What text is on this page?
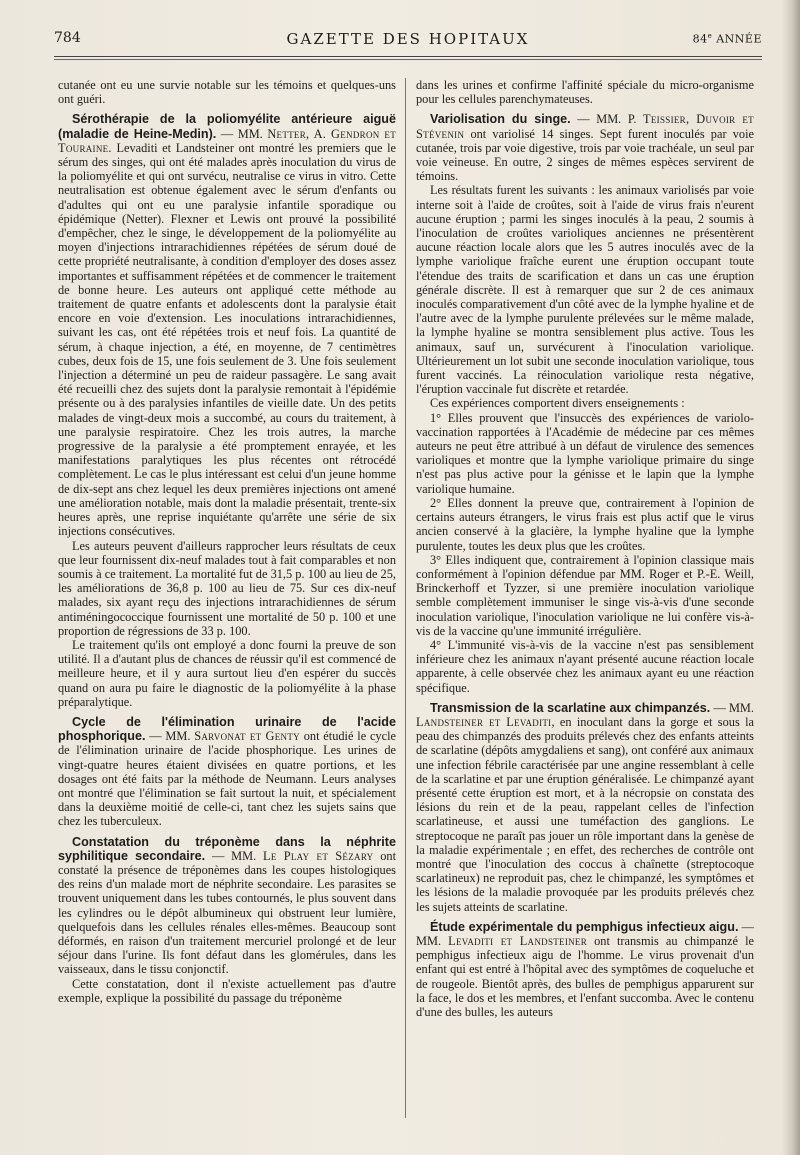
784	GAZETTE DES HOPITAUX	84e ANNÉE

cutanée ont eu une survie notable sur les témoins et quelques-uns ont guéri.

Sérothérapie de la poliomyélite antérieure aiguë (maladie de Heine-Medin). — MM. Netter, A. Gendron et Touraine. Levaditi et Landsteiner ont montré les premiers que le sérum des singes, qui ont été malades après inoculation du virus de la poliomyélite et qui ont survécu, neutralise ce virus in vitro. Cette neutralisation est obtenue également avec le sérum d'enfants ou d'adultes qui ont eu une paralysie infantile sporadique ou épidémique (Netter). Flexner et Lewis ont prouvé la possibilité d'empêcher, chez le singe, le développement de la poliomyélite au moyen d'injections intrarachidiennes répétées de sérum doué de cette propriété neutralisante, à condition d'employer des doses assez importantes et suffisamment répétées et de commencer le traitement de bonne heure. Les auteurs ont appliqué cette méthode au traitement de quatre enfants et adolescents dont la paralysie était encore en voie d'extension. Les inoculations intrarachidiennes, suivant les cas, ont été répétées trois et neuf fois. La quantité de sérum, à chaque injection, a été, en moyenne, de 7 centimètres cubes, deux fois de 15, une fois seulement de 3. Une fois seulement l'injection a déterminé un peu de raideur passagère. Le sang avait été recueilli chez des sujets dont la paralysie remontait à l'épidémie présente ou à des paralysies infantiles de vieille date. Un des petits malades de vingt-deux mois a succombé, au cours du traitement, à une paralysie respiratoire. Chez les trois autres, la marche progressive de la paralysie a été promptement enrayée, et les manifestations paralytiques les plus récentes ont rétrocédé complètement. Le cas le plus intéressant est celui d'un jeune homme de dix-sept ans chez lequel les deux premières injections ont amené une amélioration notable, mais dont la maladie présentait, trente-six heures après, une reprise inquiétante qu'arrête une série de six injections consécutives.

Les auteurs peuvent d'ailleurs rapprocher leurs résultats de ceux que leur fournissent dix-neuf malades tout à fait comparables et non soumis à ce traitement. La mortalité fut de 31,5 p. 100 au lieu de 25, les améliorations de 36,8 p. 100 au lieu de 75. Sur ces dix-neuf malades, six ayant reçu des injections intrarachidiennes de sérum antiméningococcique fournissent une mortalité de 50 p. 100 et une proportion de régressions de 33 p. 100.

Le traitement qu'ils ont employé a donc fourni la preuve de son utilité. Il a d'autant plus de chances de réussir qu'il est commencé de meilleure heure, et il y aura surtout lieu d'en espérer du succès quand on aura pu faire le diagnostic de la poliomyélite à la phase préparalytique.

Cycle de l'élimination urinaire de l'acide phosphorique. — MM. Sarvonat et Genty ont étudié le cycle de l'élimination urinaire de l'acide phosphorique. Les urines de vingt-quatre heures étaient divisées en quatre portions, et les dosages ont été faits par la méthode de Neumann. Leurs analyses ont montré que l'élimination se fait surtout la nuit, et spécialement dans la deuxième moitié de celle-ci, tant chez les sujets sains que chez les tuberculeux.

Constatation du tréponème dans la néphrite syphilitique secondaire. — MM. Le Play et Sézary ont constaté la présence de tréponèmes dans les coupes histologiques des reins d'un malade mort de néphrite secondaire. Les parasites se trouvent uniquement dans les tubes contournés, le plus souvent dans les cylindres ou le dépôt albumineux qui obstruent leur lumière, quelquefois dans les cellules rénales elles-mêmes. Beaucoup sont déformés, en raison d'un traitement mercuriel prolongé et de leur séjour dans l'urine. Ils font défaut dans les glomérules, dans les vaisseaux, dans le tissu conjonctif.

Cette constatation, dont il n'existe actuellement pas d'autre exemple, explique la possibilité du passage du tréponème

dans les urines et confirme l'affinité spéciale du micro-organisme pour les cellules parenchymateuses.

Variolisation du singe. — MM. P. Teissier, Duvoir et Stévenin ont variolisé 14 singes. Sept furent inoculés par voie cutanée, trois par voie digestive, trois par voie trachéale, un seul par voie veineuse. En outre, 2 singes de mêmes espèces servirent de témoins.

Les résultats furent les suivants : les animaux variolisés par voie interne soit à l'aide de croûtes, soit à l'aide de virus frais n'eurent aucune éruption ; parmi les singes inoculés à la peau, 2 soumis à l'inoculation de croûtes varioliques anciennes ne présentèrent aucune réaction locale alors que les 5 autres inoculés avec de la lymphe variolique fraîche eurent une éruption occupant toute l'étendue des traits de scarification et dans un cas une éruption générale discrète. Il est à remarquer que sur 2 de ces animaux inoculés comparativement d'un côté avec de la lymphe hyaline et de l'autre avec de la lymphe purulente prélevées sur le même malade, la lymphe hyaline se montra sensiblement plus active. Tous les animaux, sauf un, survécurent à l'inoculation variolique. Ultérieurement un lot subit une seconde inoculation variolique, tous furent vaccinés. La réinoculation variolique resta négative, l'éruption vaccinale fut discrète et retardée.

Ces expériences comportent divers enseignements :

1° Elles prouvent que l'insuccès des expériences de variolo-vaccination rapportées à l'Académie de médecine par ces mêmes auteurs ne peut être attribué à un défaut de virulence des semences varioliques et montre que la lymphe variolique primaire du singe n'est pas plus active pour la génisse et le lapin que la lymphe variolique humaine.

2° Elles donnent la preuve que, contrairement à l'opinion de certains auteurs étrangers, le virus frais est plus actif que le virus ancien conservé à la glacière, la lymphe hyaline que la lymphe purulente, toutes les deux plus que les croûtes.

3° Elles indiquent que, contrairement à l'opinion classique mais conformément à l'opinion défendue par MM. Roger et P.-E. Weill, Brinckerhoff et Tyzzer, si une première inoculation variolique semble complètement immuniser le singe vis-à-vis d'une seconde inoculation variolique, l'inoculation variolique ne lui confère vis-à-vis de la vaccine qu'une immunité irrégulière.

4° L'immunité vis-à-vis de la vaccine n'est pas sensiblement inférieure chez les animaux n'ayant présenté aucune réaction locale apparente, à celle observée chez les animaux ayant eu une réaction spécifique.

Transmission de la scarlatine aux chimpanzés. — MM. Landsteiner et Levaditi, en inoculant dans la gorge et sous la peau des chimpanzés des produits prélevés chez des enfants atteints de scarlatine (dépôts amygdaliens et sang), ont conféré aux animaux une infection fébrile caractérisée par une angine ressemblant à celle de la scarlatine et par une éruption généralisée. Le chimpanzé ayant présenté cette éruption est mort, et à la nécropsie on constata des lésions du rein et de la peau, rappelant celles de l'infection scarlatineuse, et aussi une tuméfaction des ganglions. Le streptocoque ne paraît pas jouer un rôle important dans la genèse de la maladie expérimentale ; en effet, des recherches de contrôle ont montré que l'inoculation des coccus à chaînette (streptocoque scarlatineux) ne reproduit pas, chez le chimpanzé, les symptômes et les lésions de la maladie provoquée par les produits prélevés chez les sujets atteints de scarlatine.

Étude expérimentale du pemphigus infectieux aigu. — MM. Levaditi et Landsteiner ont transmis au chimpanzé le pemphigus infectieux aigu de l'homme. Le virus provenait d'un enfant qui est entré à l'hôpital avec des symptômes de coqueluche et de rougeole. Bientôt après, des bulles de pemphigus apparurent sur la face, le dos et les membres, et l'enfant succomba. Avec le contenu d'une des bulles, les auteurs
